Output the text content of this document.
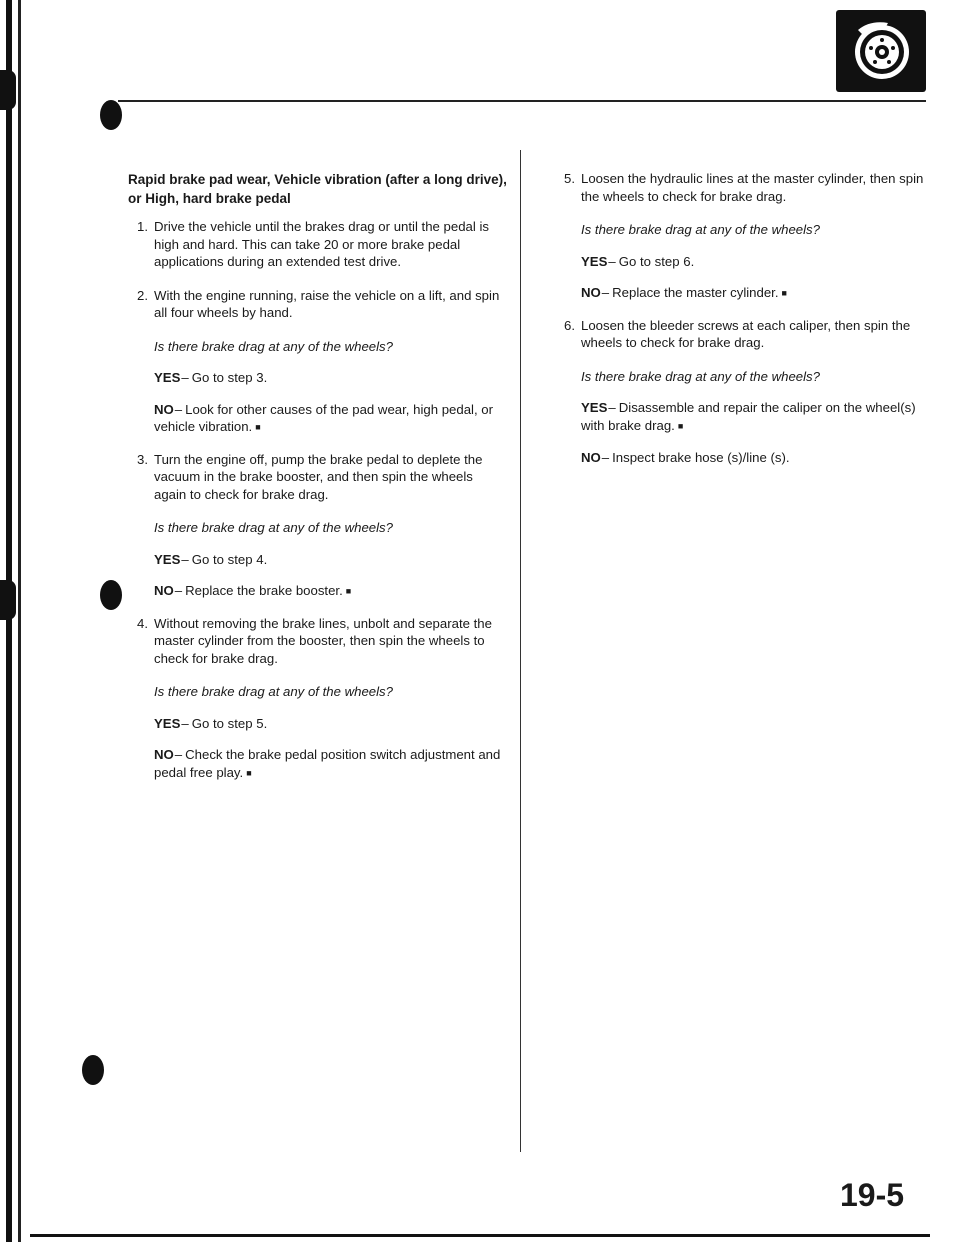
Rapid brake pad wear, Vehicle vibration (after a long drive), or High, hard brake pedal
1. Drive the vehicle until the brakes drag or until the pedal is high and hard. This can take 20 or more brake pedal applications during an extended test drive.
2. With the engine running, raise the vehicle on a lift, and spin all four wheels by hand.
Is there brake drag at any of the wheels?
YES– Go to step 3.
NO– Look for other causes of the pad wear, high pedal, or vehicle vibration. ■
3. Turn the engine off, pump the brake pedal to deplete the vacuum in the brake booster, and then spin the wheels again to check for brake drag.
Is there brake drag at any of the wheels?
YES– Go to step 4.
NO– Replace the brake booster. ■
4. Without removing the brake lines, unbolt and separate the master cylinder from the booster, then spin the wheels to check for brake drag.
Is there brake drag at any of the wheels?
YES– Go to step 5.
NO– Check the brake pedal position switch adjustment and pedal free play. ■
5. Loosen the hydraulic lines at the master cylinder, then spin the wheels to check for brake drag.
Is there brake drag at any of the wheels?
YES– Go to step 6.
NO– Replace the master cylinder. ■
6. Loosen the bleeder screws at each caliper, then spin the wheels to check for brake drag.
Is there brake drag at any of the wheels?
YES– Disassemble and repair the caliper on the wheel(s) with brake drag. ■
NO– Inspect brake hose (s)/line (s).
19-5
